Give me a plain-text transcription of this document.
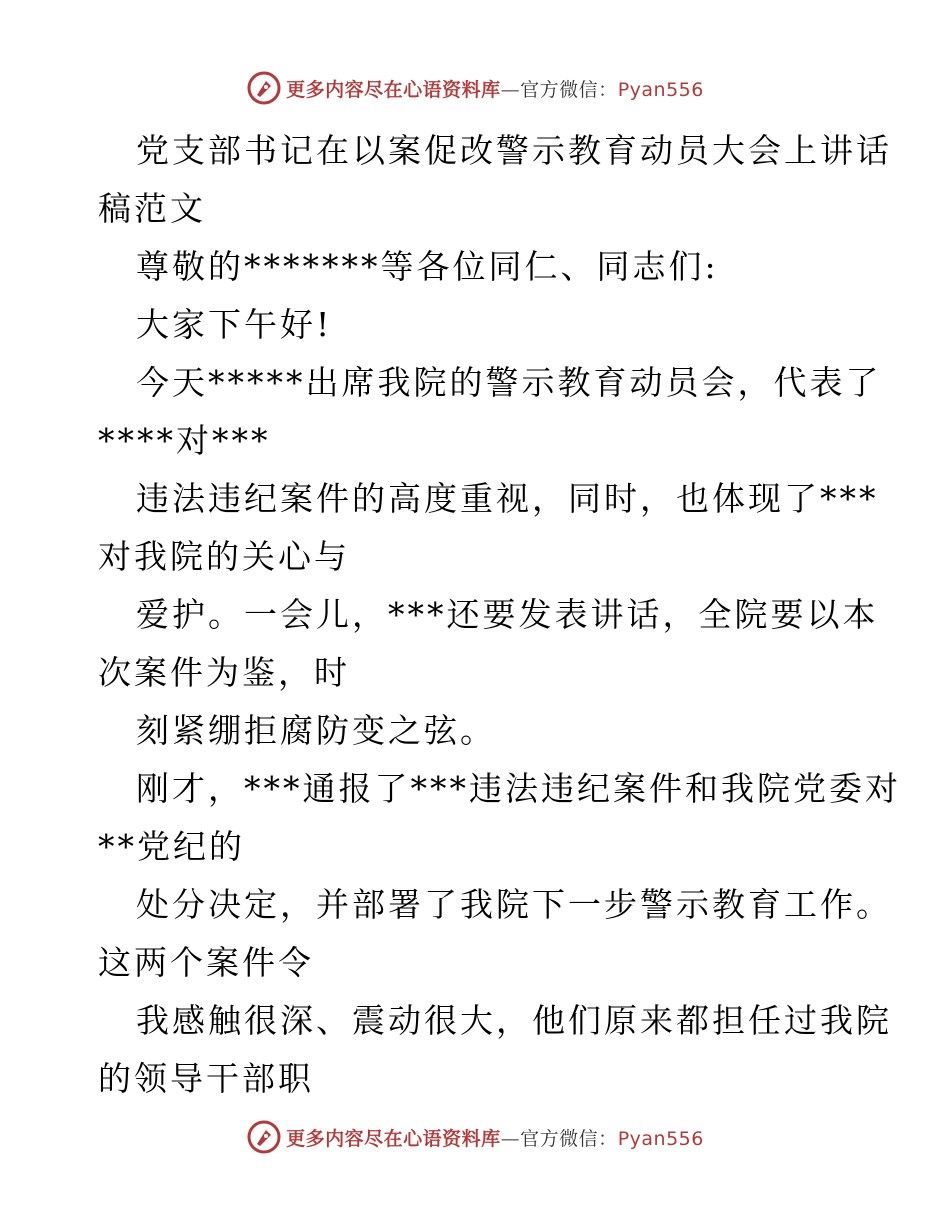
更多内容尽在心语资料库—官方微信：Pyan556

党支部书记在以案促改警示教育动员大会上讲话

稿范文

尊敬的*******等各位同仁、同志们:

大家下午好!

今天*****出席我院的警示教育动员会，代表了

****对***

违法违纪案件的高度重视，同时，也体现了***

对我院的关心与

爱护。一会儿，***还要发表讲话，全院要以本

次案件为鉴，时

刻紧绷拒腐防变之弦。

刚才，***通报了***违法违纪案件和我院党委对

**党纪的

处分决定，并部署了我院下一步警示教育工作。

这两个案件令

我感触很深、震动很大，他们原来都担任过我院

的领导干部职

更多内容尽在心语资料库—官方微信：Pyan556
